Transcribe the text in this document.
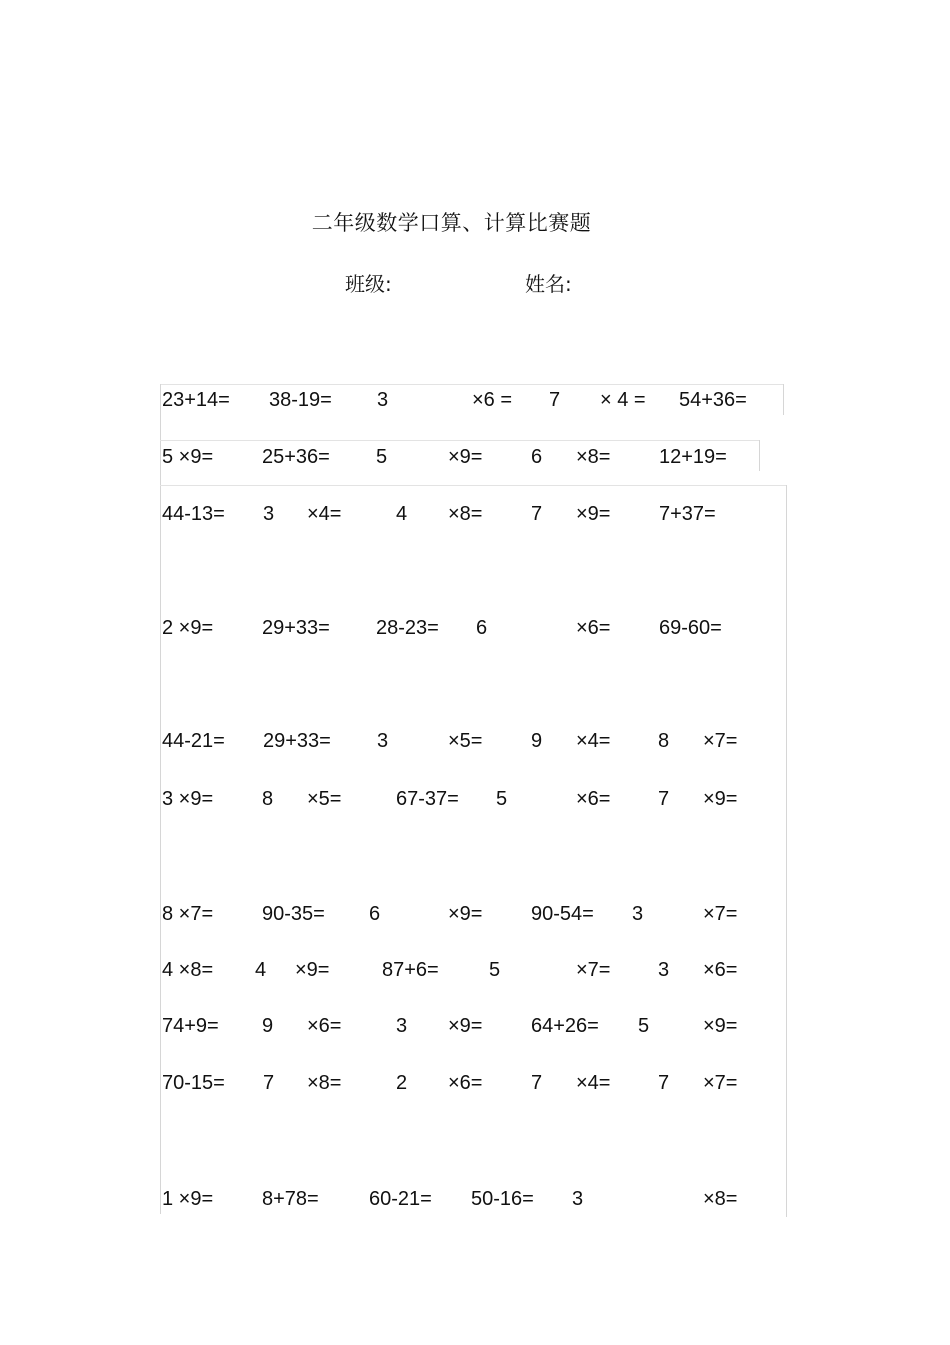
二年级数学口算、计算比赛题
班级:	姓名:
23+14= 38-19= 3	×6 = 7 × 4 = 54+36=
5 ×9= 25+36= 5	×9= 6 ×8= 12+19=
44-13= 3 ×4=	4 ×8= 7 ×9= 7+37=
2 ×9= 29+33= 28-23= 6	×6= 69-60=
44-21= 29+33= 3	×5= 9 ×4= 8 ×7=
3 ×9= 8 ×5=	67-37= 5	×6= 7 ×9=
8 ×7= 90-35= 6	×9= 90-54= 3	×7=
4 ×8= 4 ×9=	87+6=	5	×7= 3 ×6=
74+9= 9 ×6=	3 ×9= 64+26= 5	×9=
70-15= 7 ×8=	2 ×6= 7 ×4= 7 ×7=
1 ×9= 8+78=	60-21= 50-16= 3	×8=
